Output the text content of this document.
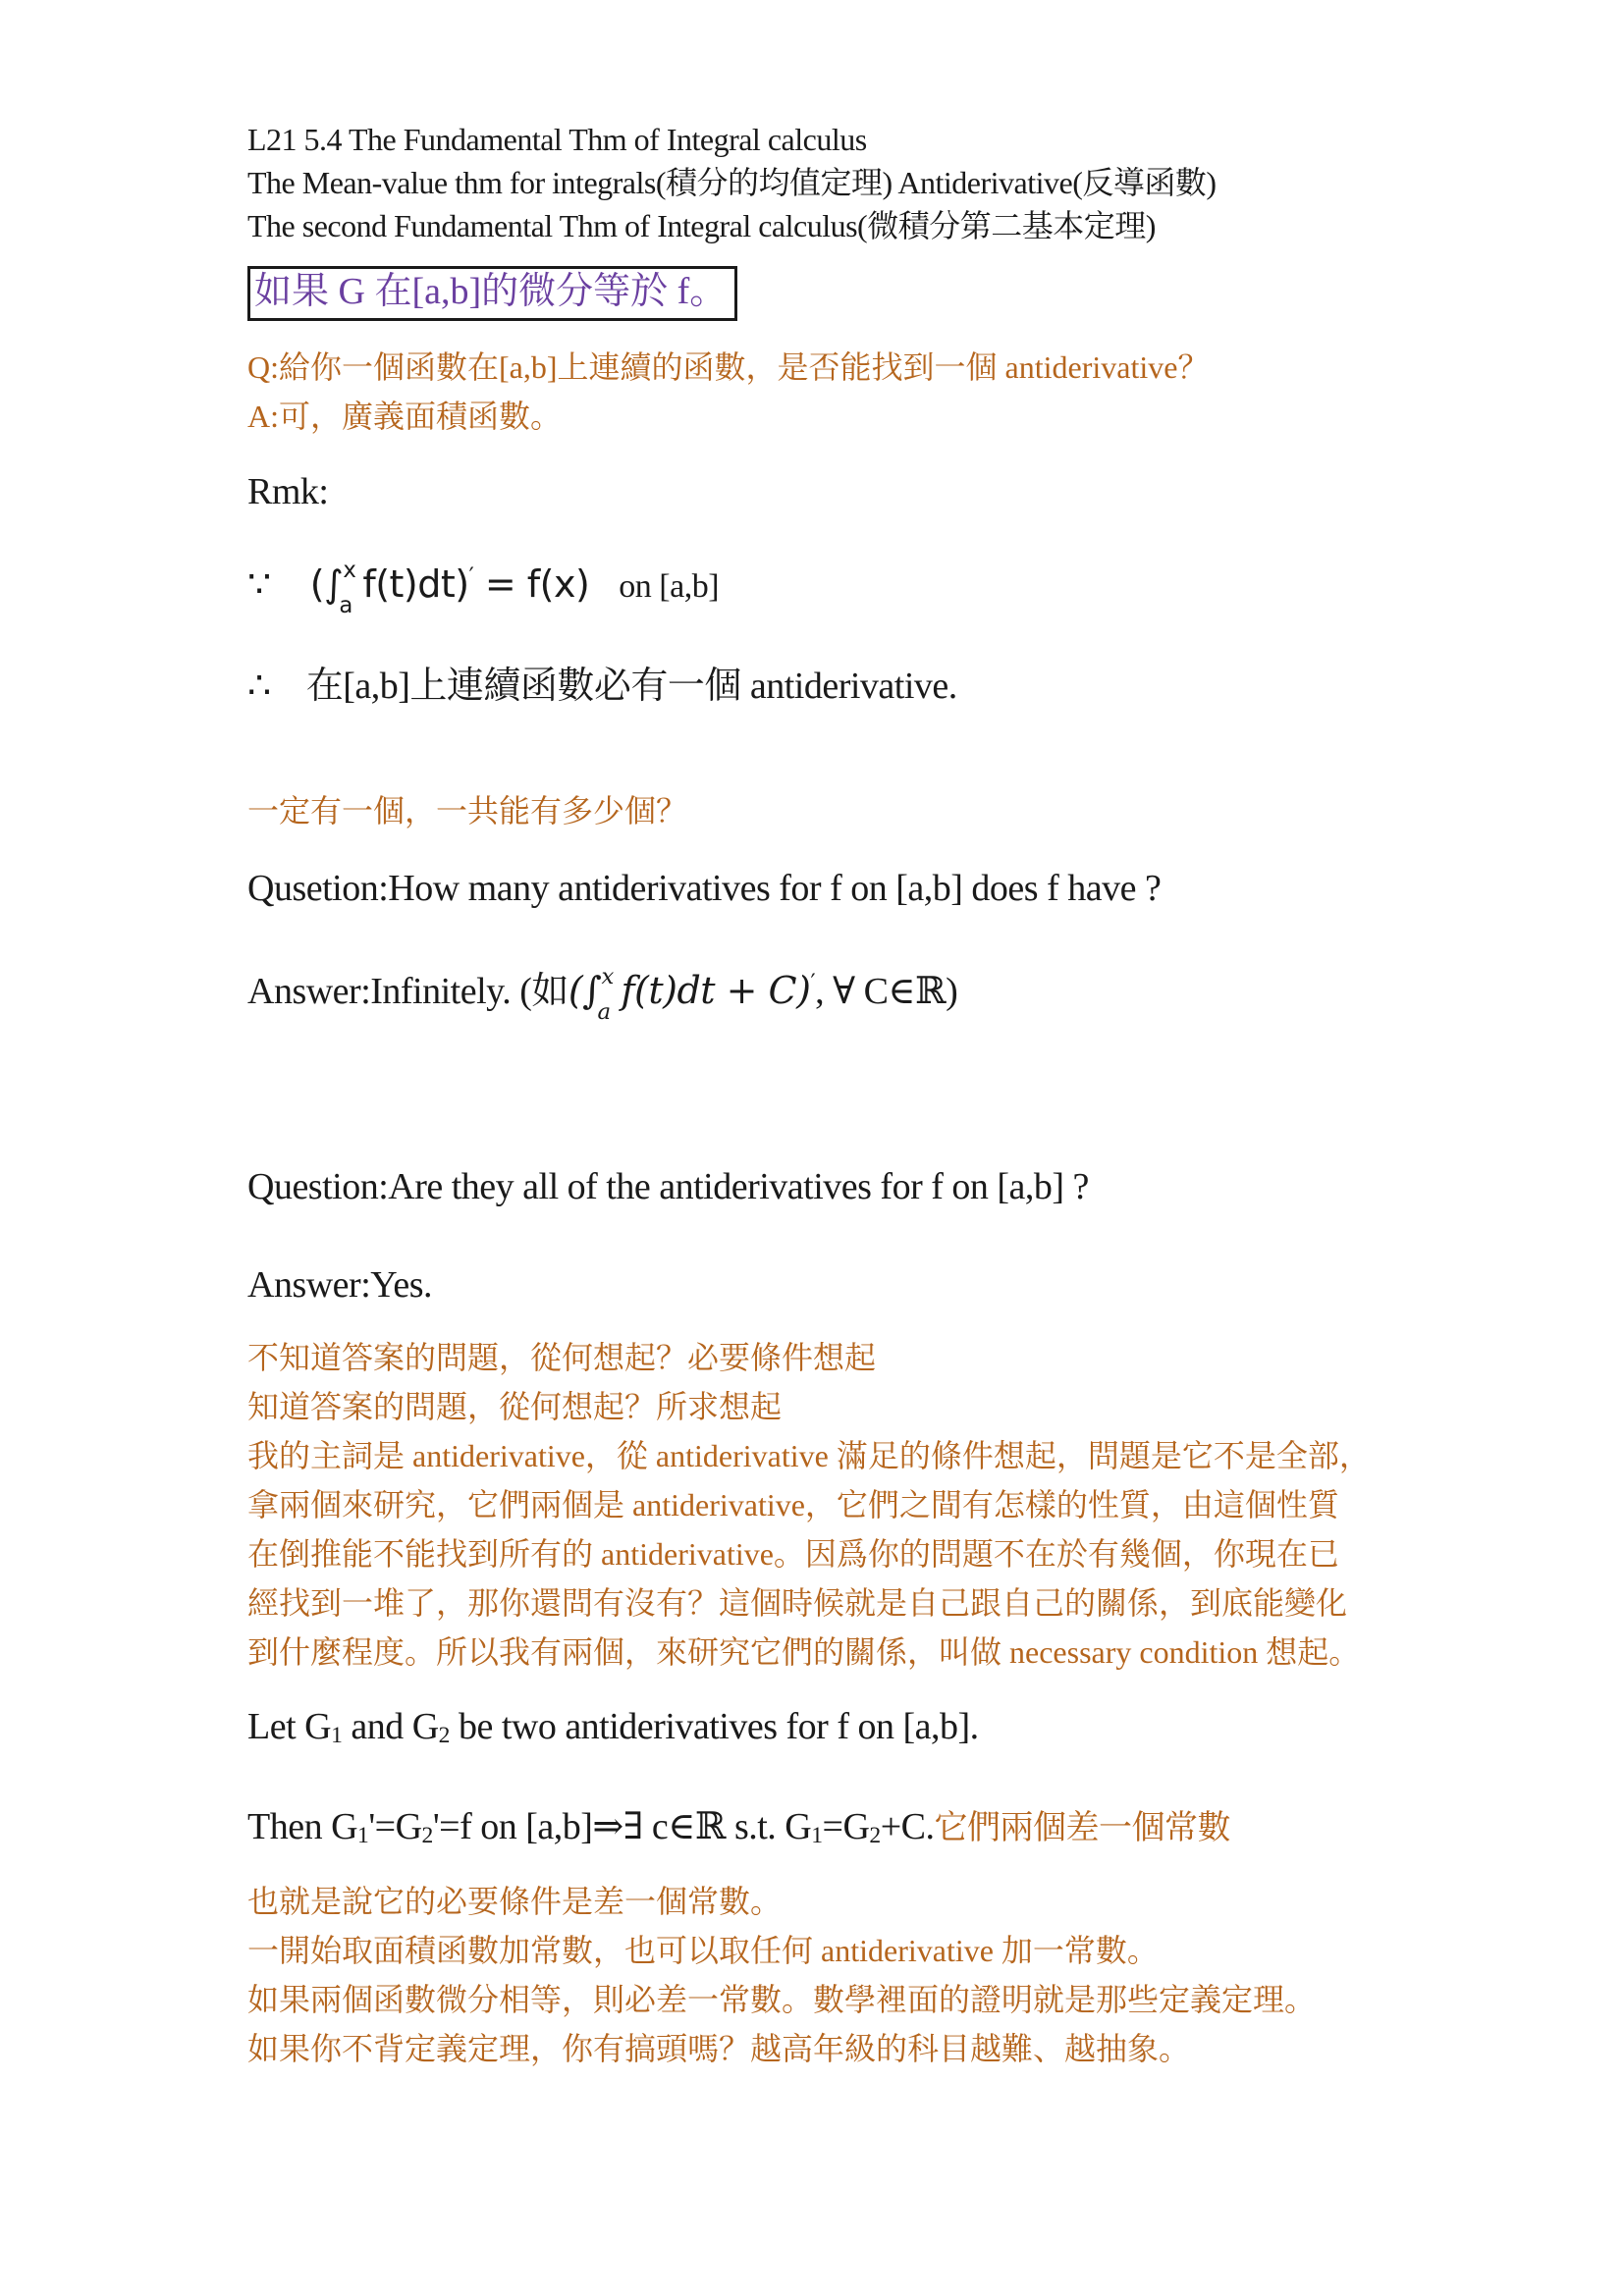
L21 5.4 The Fundamental Thm of Integral calculus
The Mean-value thm for integrals(積分的均值定理) Antiderivative(反導函數)
The second Fundamental Thm of Integral calculus(微積分第二基本定理)
如果 G 在[a,b]的微分等於 f。
Q:給你一個函數在[a,b]上連續的函數，是否能找到一個 antiderivative？
A:可，廣義面積函數。
Rmk:
∵ (∫ x
a f(t)dt)′ = f(x) on [a,b]
∴ 在[a,b]上連續函數必有一個 antiderivative.
一定有一個，一共能有多少個？
Qusetion:How many antiderivatives for f on [a,b] does f have ?
Answer:Infinitely. (如(∫ x
a f(t)dt + C)′, ∀ C∈ℝ)
Question:Are they all of the antiderivatives for f on [a,b] ?
Answer:Yes.
不知道答案的問題，從何想起？必要條件想起
知道答案的問題，從何想起？所求想起
我的主詞是 antiderivative，從 antiderivative 滿足的條件想起，問題是它不是全部，
拿兩個來研究，它們兩個是 antiderivative，它們之間有怎樣的性質，由這個性質
在倒推能不能找到所有的 antiderivative。因爲你的問題不在於有幾個，你現在已
經找到一堆了，那你還問有沒有？這個時候就是自己跟自己的關係，到底能變化
到什麼程度。所以我有兩個，來研究它們的關係，叫做 necessary condition 想起。
Let G1 and G2 be two antiderivatives for f on [a,b].
Then G1'=G2'=f on [a,b]⇒∃ c∈ℝ s.t. G1=G2+C.它們兩個差一個常數
也就是說它的必要條件是差一個常數。
一開始取面積函數加常數，也可以取任何 antiderivative 加一常數。
如果兩個函數微分相等，則必差一常數。數學裡面的證明就是那些定義定理。
如果你不背定義定理，你有搞頭嗎？越高年級的科目越難、越抽象。
